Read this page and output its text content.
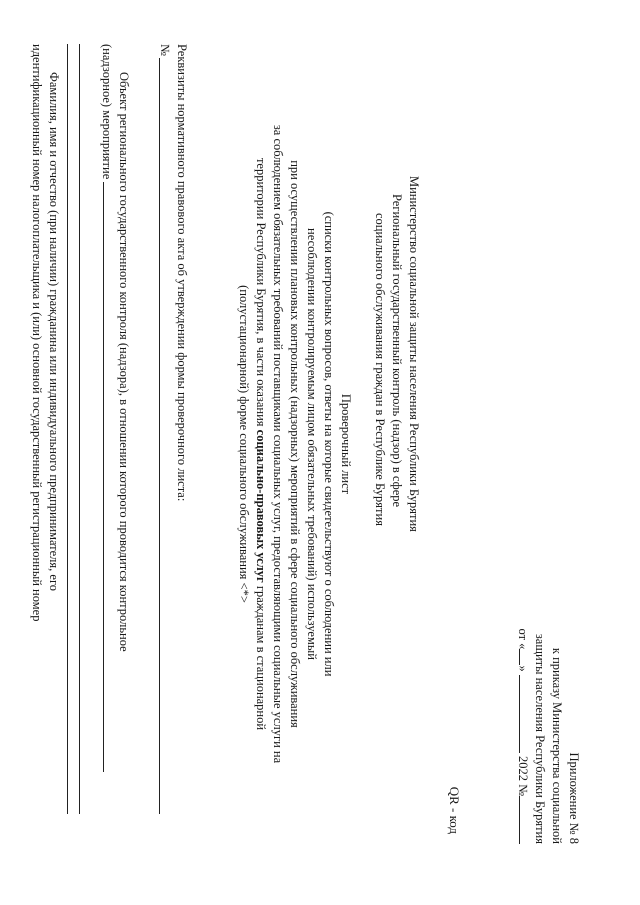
Приложение № 8
к приказу Министерства социальной
защиты населения Республики Бурятия
от «»  2022 №
QR - код
Министерство социальной защиты населения Республики Бурятия
Региональный государственный контроль (надзор) в сфере
социального обслуживания граждан в Республике Бурятия
Проверочный лист
(списки контрольных вопросов, ответы на которые свидетельствуют о соблюдении или
несоблюдении контролируемым лицом обязательных требований) используемый
при осуществлении плановых контрольных (надзорных) мероприятий в сфере социального обслуживания
за соблюдением обязательных требований поставщиками социальных услуг, предоставляющими социальные услуги на
территории Республики Бурятия, в части оказания социально-правовых услуг гражданам в стационарной
(полустационарной) форме социального обслуживания <*>
Реквизиты нормативного правового акта об утверждении формы проверочного листа:
№
Объект регионального государственного контроля (надзора), в отношении которого проводится контрольное
(надзорное) мероприятие
Фамилия, имя и отчество (при наличии) гражданина или индивидуального предпринимателя, его
идентификационный номер налогоплательщика и (или) основной государственный регистрационный номер
